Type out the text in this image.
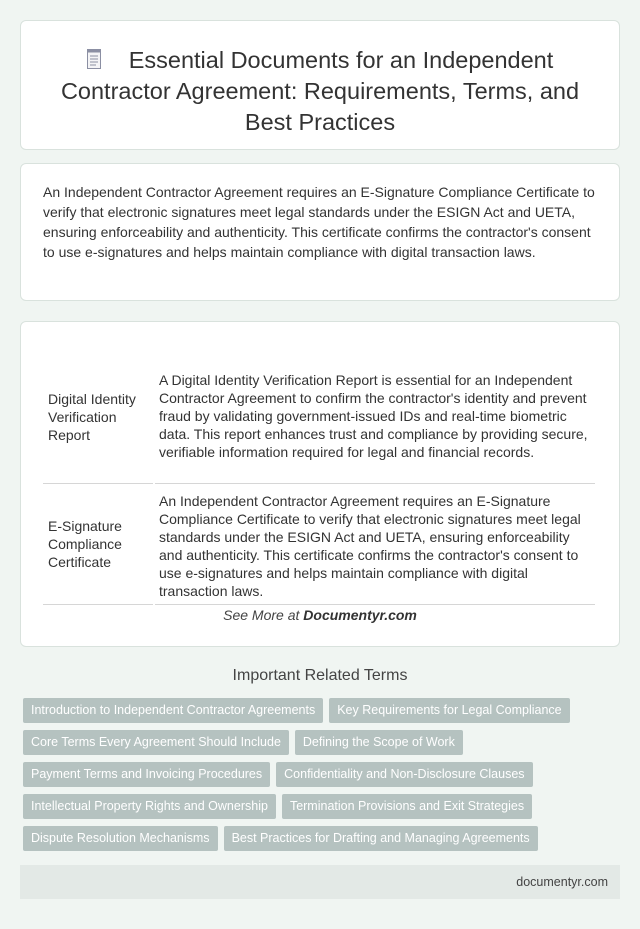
Essential Documents for an Independent Contractor Agreement: Requirements, Terms, and Best Practices

An Independent Contractor Agreement requires an E-Signature Compliance Certificate to verify that electronic signatures meet legal standards under the ESIGN Act and UETA, ensuring enforceability and authenticity. This certificate confirms the contractor's consent to use e-signatures and helps maintain compliance with digital transaction laws.

Digital Identity Verification Report	A Digital Identity Verification Report is essential for an Independent Contractor Agreement to confirm the contractor's identity and prevent fraud by validating government-issued IDs and real-time biometric data. This report enhances trust and compliance by providing secure, verifiable information required for legal and financial records.
E-Signature Compliance Certificate	An Independent Contractor Agreement requires an E-Signature Compliance Certificate to verify that electronic signatures meet legal standards under the ESIGN Act and UETA, ensuring enforceability and authenticity. This certificate confirms the contractor's consent to use e-signatures and helps maintain compliance with digital transaction laws.
See More at Documentyr.com
Important Related Terms
Introduction to Independent Contractor Agreements Key Requirements for Legal Compliance
Core Terms Every Agreement Should Include Defining the Scope of Work
Payment Terms and Invoicing Procedures Confidentiality and Non-Disclosure Clauses
Intellectual Property Rights and Ownership Termination Provisions and Exit Strategies
Dispute Resolution Mechanisms Best Practices for Drafting and Managing Agreements
documentyr.com
